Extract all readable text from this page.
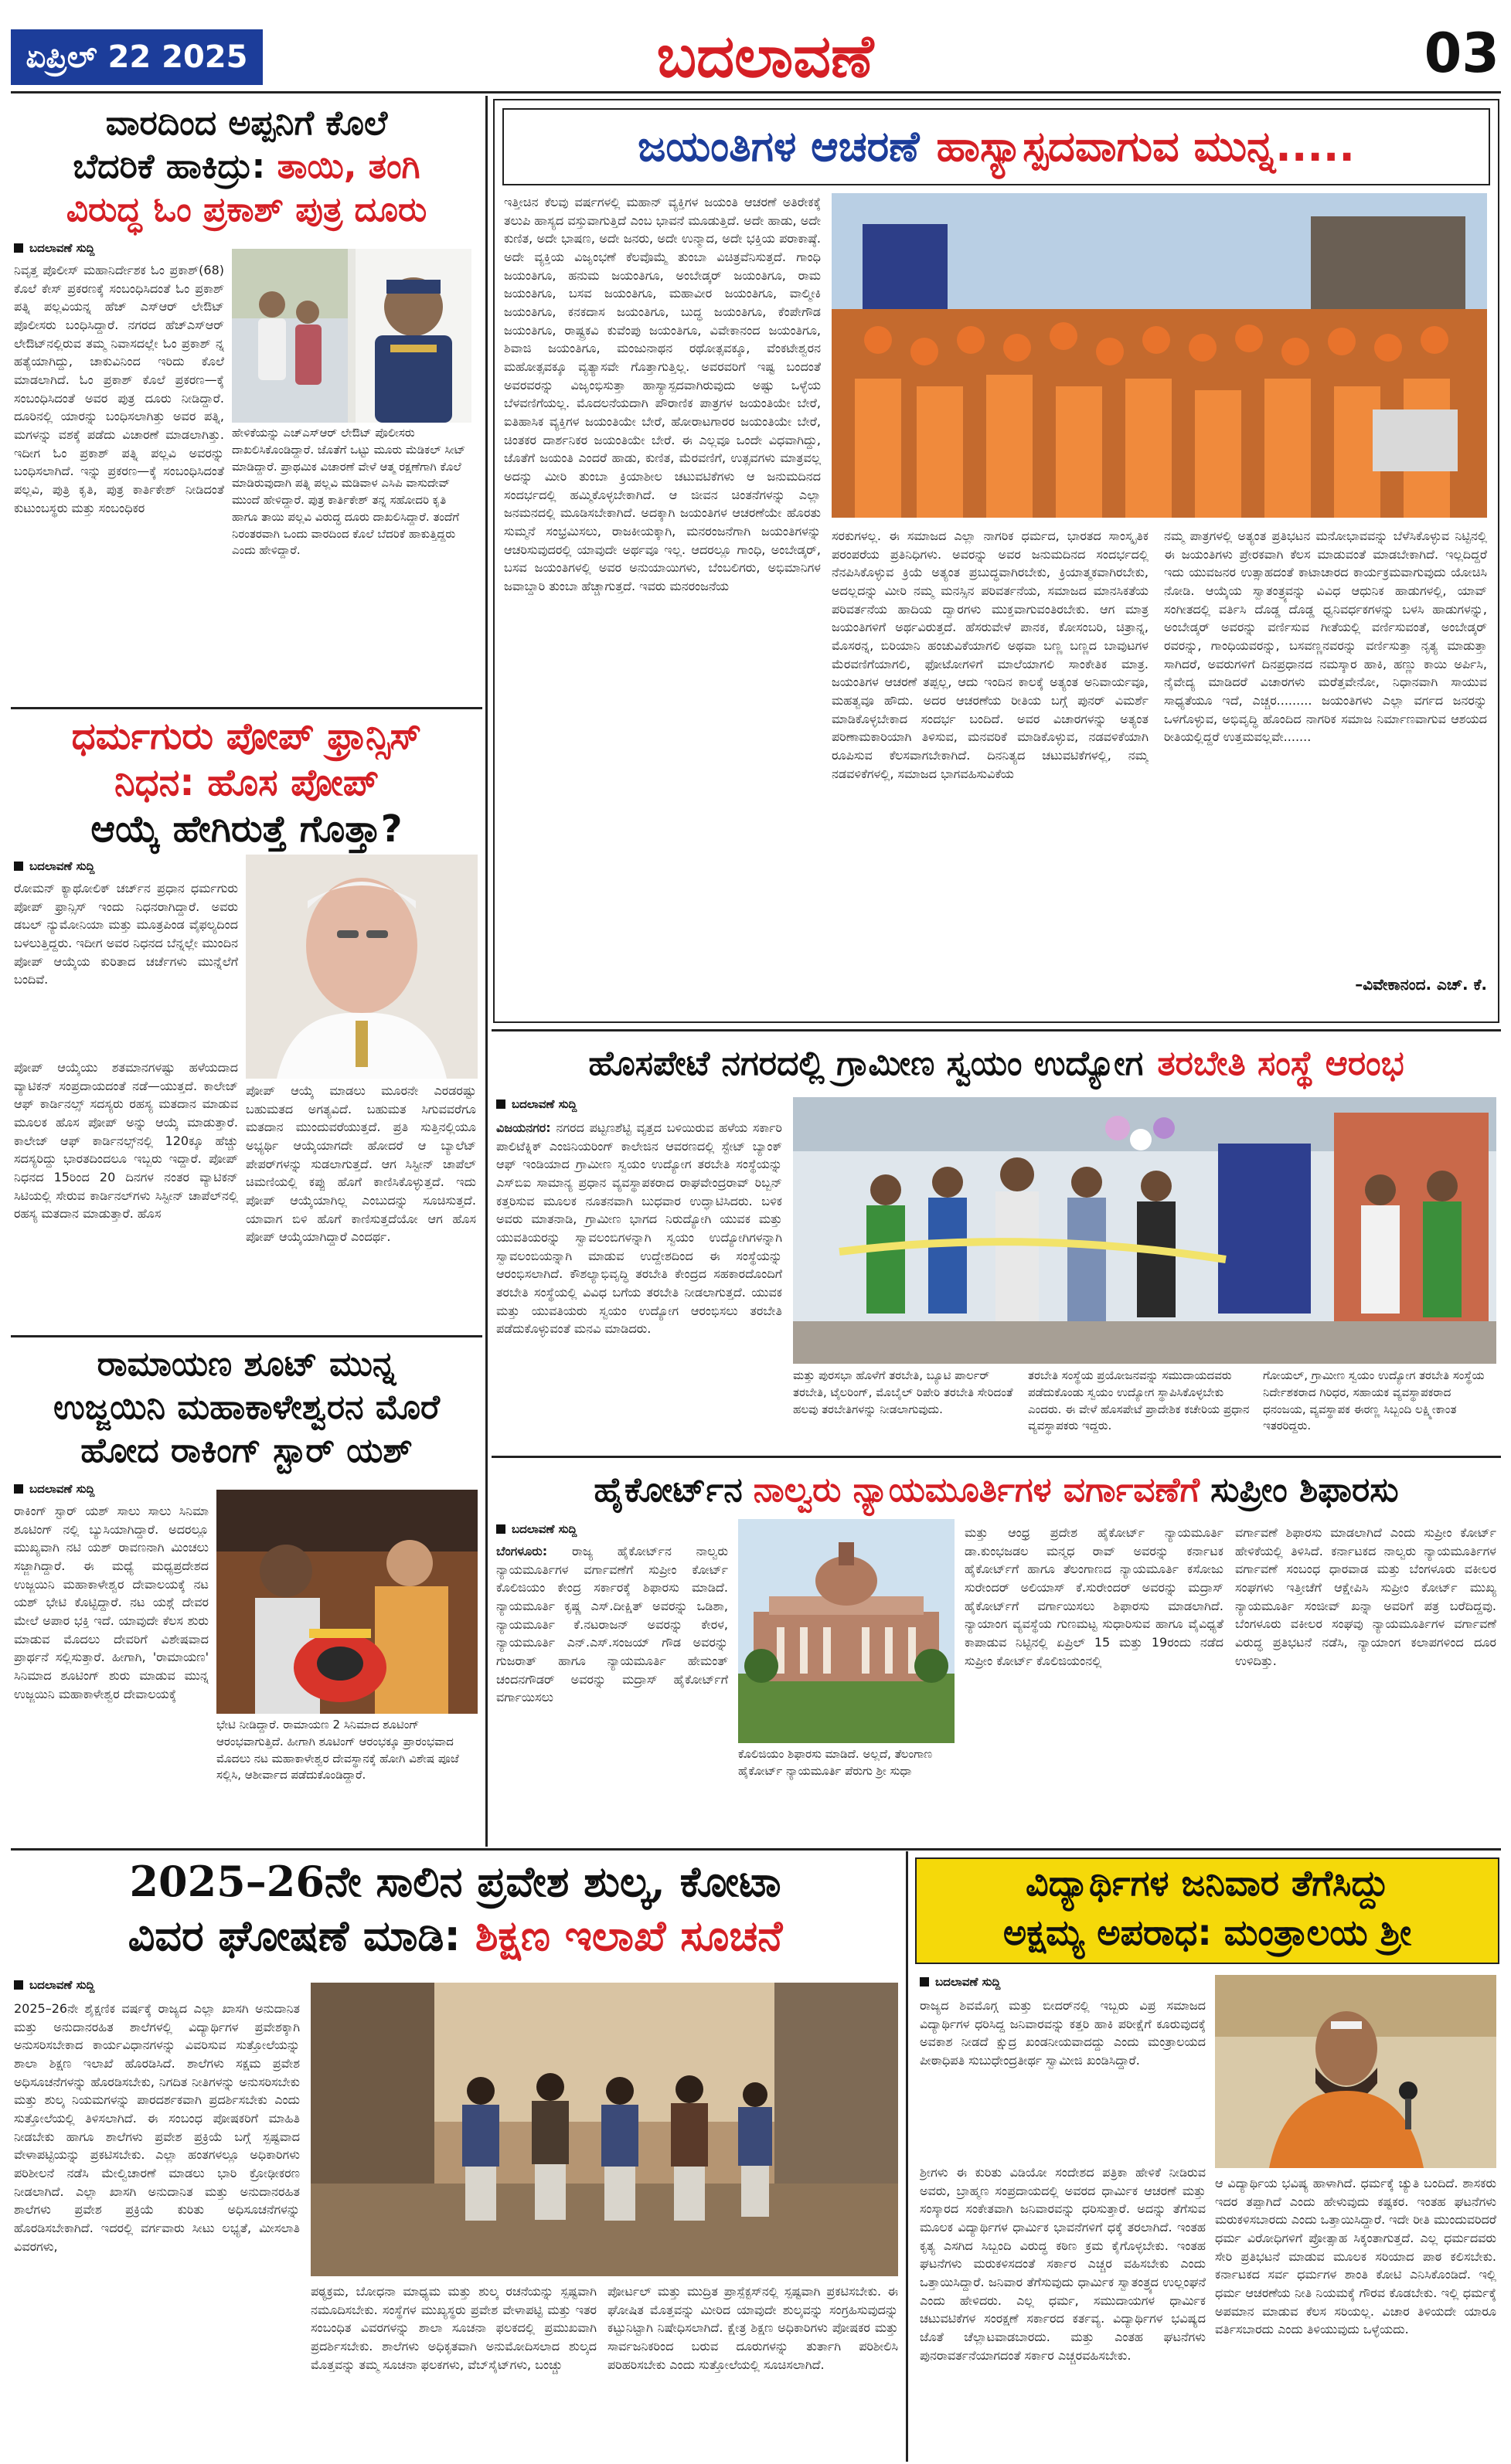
ಏಪ್ರಿಲ್ 22 2025	ಬದಲಾವಣೆ	03
ವಾರದಿಂದ ಅಪ್ಪನಿಗೆ ಕೊಲೆ
ಬೆದರಿಕೆ ಹಾಕಿದ್ರು: ತಾಯಿ, ತಂಗಿ
ವಿರುದ್ಧ ಓಂ ಪ್ರಕಾಶ್ ಪುತ್ರ ದೂರು
ಬದಲಾವಣೆ ಸುದ್ದಿ
ನಿವೃತ್ತ ಪೊಲೀಸ್ ಮಹಾನಿರ್ದೇಶಕ ಓಂ ಪ್ರಕಾಶ್(68) ಕೊಲೆ ಕೇಸ್ ಪ್ರಕರಣಕ್ಕೆ ಸಂಬಂಧಿಸಿದಂತೆ ಓಂ ಪ್ರಕಾಶ್ ಪತ್ನಿ ಪಲ್ಲವಿಯನ್ನ ಹೆಚ್ ಎಸ್ಆರ್ ಲೇಔಟ್ ಪೊಲೀಸರು ಬಂಧಿಸಿದ್ದಾರೆ. ನಗರದ ಹೆಚ್ಎಸ್ಆರ್ ಲೇಔಟ್‌ನಲ್ಲಿರುವ ತಮ್ಮ ನಿವಾಸದಲ್ಲೇ ಓಂ ಪ್ರಕಾಶ್ ನ್ನ ಹತ್ಯೆಯಾಗಿದ್ದು, ಚಾಕುವಿನಿಂದ ಇರಿದು ಕೊಲೆ ಮಾಡಲಾಗಿದೆ. ಓಂ ಪ್ರಕಾಶ್ ಕೊಲೆ ಪ್ರಕರಣ—ಕ್ಕೆ ಸಂಬಂಧಿಸಿದಂತೆ ಅವರ ಪುತ್ರ ದೂರು ನೀಡಿದ್ದಾರೆ. ದೂರಿನಲ್ಲಿ ಯಾರನ್ನು ಬಂಧಿಸಲಾಗಿತ್ತು ಅವರ ಪತ್ನಿ, ಮಗಳನ್ನು ವಶಕ್ಕೆ ಪಡೆದು ವಿಚಾರಣೆ ಮಾಡಲಾಗಿತ್ತು. ಇದೀಗ ಓಂ ಪ್ರಕಾಶ್ ಪತ್ನಿ ಪಲ್ಲವಿ ಅವರನ್ನು ಬಂಧಿಸಲಾಗಿದೆ. ಇನ್ನು ಪ್ರಕರಣ—ಕ್ಕೆ ಸಂಬಂಧಿಸಿದಂತೆ ಪಲ್ಲವಿ, ಪುತ್ರಿ ಕೃತಿ, ಪುತ್ರ ಕಾರ್ತಿಕೇಶ್ ನೀಡಿದಂತೆ ಕುಟುಂಬಸ್ಥರು ಮತ್ತು ಸಂಬಂಧಿಕರ
ಹೇಳಿಕೆಯನ್ನು ಎಚ್‌ಎಸ್ಆರ್ ಲೇಔಟ್ ಪೊಲೀಸರು ದಾಖಲಿಸಿಕೊಂಡಿದ್ದಾರೆ. ಜೊತೆಗೆ ಒಟ್ಟು ಮೂರು ಮೆಡಿಕಲ್ ಸೀಟ್ ಮಾಡಿದ್ದಾರೆ. ಪ್ರಾಥಮಿಕ ವಿಚಾರಣೆ ವೇಳೆ ಆತ್ಮ ರಕ್ಷಣೆಗಾಗಿ ಕೊಲೆ ಮಾಡಿರುವುದಾಗಿ ಪತ್ನಿ ಪಲ್ಲವಿ ಮಡಿವಾಳ ಎಸಿಪಿ ವಾಸುದೇವ್ ಮುಂದೆ ಹೇಳಿದ್ದಾರೆ. ಪುತ್ರ ಕಾರ್ತಿಕೇಶ್ ತನ್ನ ಸಹೋದರಿ ಕೃತಿ ಹಾಗೂ ತಾಯಿ ಪಲ್ಲವಿ ವಿರುದ್ಧ ದೂರು ದಾಖಲಿಸಿದ್ದಾರೆ. ತಂದೆಗೆ ನಿರಂತರವಾಗಿ ಒಂದು ವಾರದಿಂದ ಕೊಲೆ ಬೆದರಿಕೆ ಹಾಕುತ್ತಿದ್ದರು ಎಂದು ಹೇಳಿದ್ದಾರೆ.
ಧರ್ಮಗುರು ಪೋಪ್ ಫ್ರಾನ್ಸಿಸ್
ನಿಧನ: ಹೊಸ ಪೋಪ್
ಆಯ್ಕೆ ಹೇಗಿರುತ್ತೆ ಗೊತ್ತಾ?
ಬದಲಾವಣೆ ಸುದ್ದಿ
ರೋಮನ್ ಕ್ಯಾಥೋಲಿಕ್ ಚರ್ಚ್‌ನ ಪ್ರಧಾನ ಧರ್ಮಗುರು ಪೋಪ್ ಫ್ರಾನ್ಸಿಸ್ ಇಂದು ನಿಧನರಾಗಿದ್ದಾರೆ. ಅವರು ಡಬಲ್ ನ್ಯುಮೋನಿಯಾ ಮತ್ತು ಮೂತ್ರಪಿಂಡ ವೈಫಲ್ಯದಿಂದ ಬಳಲುತ್ತಿದ್ದರು. ಇದೀಗ ಅವರ ನಿಧನದ ಬೆನ್ನಲ್ಲೇ ಮುಂದಿನ ಪೋಪ್ ಆಯ್ಕೆಯ ಕುರಿತಾದ ಚರ್ಚೆಗಳು ಮುನ್ನೆಲೆಗೆ ಬಂದಿವೆ.
ಪೋಪ್ ಆಯ್ಕೆಯು ಶತಮಾನಗಳಷ್ಟು ಹಳೆಯದಾದ ವ್ಯಾಟಿಕನ್ ಸಂಪ್ರದಾಯದಂತೆ ನಡೆ—ಯುತ್ತದೆ. ಕಾಲೇಜ್ ಆಫ್ ಕಾರ್ಡಿನಲ್ಸ್ ಸದಸ್ಯರು ರಹಸ್ಯ ಮತದಾನ ಮಾಡುವ ಮೂಲಕ ಹೊಸ ಪೋಪ್ ಅನ್ನು ಆಯ್ಕೆ ಮಾಡುತ್ತಾರೆ. ಕಾಲೇಜ್ ಆಫ್ ಕಾರ್ಡಿನಲ್ಸ್‌ನಲ್ಲಿ 120ಕ್ಕೂ ಹೆಚ್ಚು ಸದಸ್ಯರಿದ್ದು ಭಾರತದಿಂದಲೂ ಇಬ್ಬರು ಇದ್ದಾರೆ. ಪೋಪ್ ನಿಧನದ 15ರಿಂದ 20 ದಿನಗಳ ನಂತರ ವ್ಯಾಟಿಕನ್ ಸಿಟಿಯಲ್ಲಿ ಸೇರುವ ಕಾರ್ಡಿನಲ್‌ಗಳು ಸಿಸ್ಟೀನ್ ಚಾಪೆಲ್‌ನಲ್ಲಿ ರಹಸ್ಯ ಮತದಾನ ಮಾಡುತ್ತಾರೆ. ಹೊಸ
ಪೋಪ್ ಆಯ್ಕೆ ಮಾಡಲು ಮೂರನೇ ಎರಡರಷ್ಟು ಬಹುಮತದ ಅಗತ್ಯವಿದೆ. ಬಹುಮತ ಸಿಗುವವರೆಗೂ ಮತದಾನ ಮುಂದುವರೆಯುತ್ತದೆ. ಪ್ರತಿ ಸುತ್ತಿನಲ್ಲಿಯೂ ಅಭ್ಯರ್ಥಿ ಆಯ್ಕೆಯಾಗದೇ ಹೋದರೆ ಆ ಬ್ಯಾಲೆಟ್ ಪೇಪರ್‌ಗಳನ್ನು ಸುಡಲಾಗುತ್ತದೆ. ಆಗ ಸಿಸ್ಟೀನ್ ಚಾಪೆಲ್ ಚಿಮಣಿಯಲ್ಲಿ ಕಪ್ಪು ಹೊಗೆ ಕಾಣಿಸಿಕೊಳ್ಳುತ್ತದೆ. ಇದು ಪೋಪ್ ಆಯ್ಕೆಯಾಗಿಲ್ಲ ಎಂಬುದನ್ನು ಸೂಚಿಸುತ್ತದೆ. ಯಾವಾಗ ಬಿಳಿ ಹೊಗೆ ಕಾಣಿಸುತ್ತದೆಯೋ ಆಗ ಹೊಸ ಪೋಪ್ ಆಯ್ಕೆಯಾಗಿದ್ದಾರೆ ಎಂದರ್ಥ.
ರಾಮಾಯಣ ಶೂಟ್ ಮುನ್ನ
ಉಜ್ಜಯಿನಿ ಮಹಾಕಾಳೇಶ್ವರನ ಮೊರೆ
ಹೋದ ರಾಕಿಂಗ್ ಸ್ಟಾರ್ ಯಶ್
ಬದಲಾವಣೆ ಸುದ್ದಿ
ರಾಕಿಂಗ್ ಸ್ಟಾರ್ ಯಶ್ ಸಾಲು ಸಾಲು ಸಿನಿಮಾ ಶೂಟಿಂಗ್ ನಲ್ಲಿ ಬ್ಯುಸಿಯಾಗಿದ್ದಾರೆ. ಅದರಲ್ಲೂ ಮುಖ್ಯವಾಗಿ ನಟಿ ಯಶ್ ರಾವಣನಾಗಿ ಮಿಂಚಲು ಸಜ್ಜಾಗಿದ್ದಾರೆ. ಈ ಮಧ್ಯೆ ಮಧ್ಯಪ್ರದೇಶದ ಉಜ್ಜಯಿನಿ ಮಹಾಕಾಳೇಶ್ವರ ದೇವಾಲಯಕ್ಕೆ ನಟ ಯಶ್ ಭೇಟಿ ಕೊಟ್ಟಿದ್ದಾರೆ. ನಟ ಯಶ್ಗೆ ದೇವರ ಮೇಲೆ ಅಪಾರ ಭಕ್ತಿ ಇದೆ. ಯಾವುದೇ ಕೆಲಸ ಶುರು ಮಾಡುವ ಮೊದಲು ದೇವರಿಗೆ ವಿಶೇಷವಾದ ಪ್ರಾರ್ಥನೆ ಸಲ್ಲಿಸುತ್ತಾರೆ. ಹೀಗಾಗಿ, 'ರಾಮಾಯಣ' ಸಿನಿಮಾದ ಶೂಟಿಂಗ್ ಶುರು ಮಾಡುವ ಮುನ್ನ ಉಜ್ಜಯಿನಿ ಮಹಾಕಾಳೇಶ್ವರ ದೇವಾಲಯಕ್ಕೆ
ಭೇಟಿ ನೀಡಿದ್ದಾರೆ. ರಾಮಾಯಣ 2 ಸಿನಿಮಾದ ಶೂಟಿಂಗ್ ಆರಂಭವಾಗುತ್ತಿದೆ. ಹೀಗಾಗಿ ಶೂಟಿಂಗ್ ಆರಂಭಕ್ಕೂ ಪ್ರಾರಂಭವಾದ ಮೊದಲು ನಟ ಮಹಾಕಾಳೇಶ್ವರ ದೇವಸ್ಥಾನಕ್ಕೆ ಹೋಗಿ ವಿಶೇಷ ಪೂಜೆ ಸಲ್ಲಿಸಿ, ಆಶೀರ್ವಾದ ಪಡೆದುಕೊಂಡಿದ್ದಾರೆ.
ಜಯಂತಿಗಳ ಆಚರಣೆ ಹಾಸ್ಯಾಸ್ಪದವಾಗುವ ಮುನ್ನ.....
ಇತ್ತೀಚಿನ ಕೆಲವು ವರ್ಷಗಳಲ್ಲಿ ಮಹಾನ್ ವ್ಯಕ್ತಿಗಳ ಜಯಂತಿ ಆಚರಣೆ ಅತಿರೇಕಕ್ಕೆ ತಲುಪಿ ಹಾಸ್ಯದ ವಸ್ತುವಾಗುತ್ತಿದೆ ಎಂಬ ಭಾವನೆ ಮೂಡುತ್ತಿದೆ. ಅದೇ ಹಾಡು, ಅದೇ ಕುಣಿತ, ಅದೇ ಭಾಷಣ, ಅದೇ ಜನರು, ಅದೇ ಉನ್ಮಾದ, ಅದೇ ಭಕ್ತಿಯ ಪರಾಕಾಷ್ಠೆ. ಅದೇ ವ್ಯಕ್ತಿಯ ವಿಜೃಂಭಣೆ ಕೆಲವೊಮ್ಮೆ ತುಂಬಾ ವಿಚಿತ್ರವೆನಿಸುತ್ತದೆ. ಗಾಂಧಿ ಜಯಂತಿಗೂ, ಹನುಮ ಜಯಂತಿಗೂ, ಅಂಬೇಡ್ಕರ್ ಜಯಂತಿಗೂ, ರಾಮ ಜಯಂತಿಗೂ, ಬಸವ ಜಯಂತಿಗೂ, ಮಹಾವೀರ ಜಯಂತಿಗೂ, ವಾಲ್ಮೀಕಿ ಜಯಂತಿಗೂ, ಕನಕದಾಸ ಜಯಂತಿಗೂ, ಬುದ್ಧ ಜಯಂತಿಗೂ, ಕೆಂಪೇಗೌಡ ಜಯಂತಿಗೂ, ರಾಷ್ಟ್ರಕವಿ ಕುವೆಂಪು ಜಯಂತಿಗೂ, ವಿವೇಕಾನಂದ ಜಯಂತಿಗೂ, ಶಿವಾಜಿ ಜಯಂತಿಗೂ, ಮಂಜುನಾಥನ ರಥೋತ್ಸವಕ್ಕೂ, ವೆಂಕಟೇಶ್ವರನ ಮಹೋತ್ಸವಕ್ಕೂ ವ್ಯತ್ಯಾಸವೇ ಗೊತ್ತಾಗುತ್ತಿಲ್ಲ. ಅವರವರಿಗೆ ಇಷ್ಟ ಬಂದಂತೆ ಅವರವರನ್ನು ವಿಜೃಂಭಿಸುತ್ತಾ ಹಾಸ್ಯಾಸ್ಪದವಾಗಿರುವುದು ಅಷ್ಟು ಒಳ್ಳೆಯ ಬೆಳವಣಿಗೆಯಲ್ಲ. ಮೊದಲನೆಯದಾಗಿ ಪೌರಾಣಿಕ ಪಾತ್ರಗಳ ಜಯಂತಿಯೇ ಬೇರೆ, ಐತಿಹಾಸಿಕ ವ್ಯಕ್ತಿಗಳ ಜಯಂತಿಯೇ ಬೇರೆ, ಹೋರಾಟಗಾರರ ಜಯಂತಿಯೇ ಬೇರೆ, ಚಿಂತಕರ ದಾರ್ಶನಿಕರ ಜಯಂತಿಯೇ ಬೇರೆ. ಈ ಎಲ್ಲವೂ ಒಂದೇ ವಿಧವಾಗಿದ್ದು, ಜೊತೆಗೆ ಜಯಂತಿ ಎಂದರೆ ಹಾಡು, ಕುಣಿತ, ಮೆರವಣಿಗೆ, ಉತ್ಸವಗಳು ಮಾತ್ರವಲ್ಲ ಅದನ್ನು ಮೀರಿ ತುಂಬಾ ಕ್ರಿಯಾಶೀಲ ಚಟುವಟಿಕೆಗಳು ಆ ಜನುಮದಿನದ ಸಂದರ್ಭದಲ್ಲಿ ಹಮ್ಮಿಕೊಳ್ಳಬೇಕಾಗಿದೆ. ಆ ಜೀವನ ಚಿಂತನೆಗಳನ್ನು ಎಲ್ಲಾ ಜನಮನದಲ್ಲಿ ಮೂಡಿಸಬೇಕಾಗಿದೆ. ಅದಕ್ಕಾಗಿ ಜಯಂತಿಗಳ ಆಚರಣೆಯೇ ಹೊರತು ಸುಮ್ಮನೆ ಸಂಭ್ರಮಿಸಲು, ರಾಜಕೀಯಕ್ಕಾಗಿ, ಮನರಂಜನೆಗಾಗಿ ಜಯಂತಿಗಳನ್ನು ಆಚರಿಸುವುದರಲ್ಲಿ ಯಾವುದೇ ಅರ್ಥವೂ ಇಲ್ಲ. ಆದರಲ್ಲೂ ಗಾಂಧಿ, ಅಂಬೇಡ್ಕರ್, ಬಸವ ಜಯಂತಿಗಳಲ್ಲಿ ಅವರ ಅನುಯಾಯಿಗಳು, ಬೆಂಬಲಿಗರು, ಅಭಿಮಾನಿಗಳ ಜವಾಬ್ದಾರಿ ತುಂಬಾ ಹೆಚ್ಚಾಗುತ್ತದೆ. ಇವರು ಮನರಂಜನೆಯ
ಸರಕುಗಳಲ್ಲ. ಈ ಸಮಾಜದ ಎಲ್ಲಾ ನಾಗರಿಕ ಧರ್ಮದ, ಭಾರತದ ಸಾಂಸ್ಕೃತಿಕ ಪರಂಪರೆಯ ಪ್ರತಿನಿಧಿಗಳು. ಅವರನ್ನು ಅವರ ಜನುಮದಿನದ ಸಂದರ್ಭದಲ್ಲಿ ನೆನಪಿಸಿಕೊಳ್ಳುವ ಕ್ರಿಯೆ ಅತ್ಯಂತ ಪ್ರಬುದ್ಧವಾಗಿರಬೇಕು, ಕ್ರಿಯಾತ್ಮಕವಾಗಿರಬೇಕು, ಅದಲ್ಲದನ್ನು ಮೀರಿ ನಮ್ಮ ಮನಸ್ಸಿನ ಪರಿವರ್ತನೆಯ, ಸಮಾಜದ ಮಾನಸಿಕತೆಯ ಪರಿವರ್ತನೆಯ ಹಾದಿಯ ದ್ವಾರಗಳು ಮುಕ್ತವಾಗುವಂತಿರಬೇಕು. ಆಗ ಮಾತ್ರ ಜಯಂತಿಗಳಿಗೆ ಅರ್ಥವಿರುತ್ತದೆ. ಹೆಸರುವೇಳೆ ಪಾನಕ, ಕೋಸಂಬರಿ, ಚಿತ್ರಾನ್ನ, ಮೊಸರನ್ನ, ಬಿರಿಯಾನಿ ಹಂಚುವಿಕೆಯಾಗಲಿ ಅಥವಾ ಬಣ್ಣ ಬಣ್ಣದ ಬಾವುಟಗಳ ಮೆರವಣಿಗೆಯಾಗಲಿ, ಫೋಟೋಗಳಿಗೆ ಮಾಲೆಯಾಗಲಿ ಸಾಂಕೇತಿಕ ಮಾತ್ರ. ಜಯಂತಿಗಳ ಆಚರಣೆ ತಪ್ಪಲ್ಲ, ಆದು ಇಂದಿನ ಕಾಲಕ್ಕೆ ಅತ್ಯಂತ ಅನಿವಾರ್ಯವೂ, ಮಹತ್ವವೂ ಹೌದು. ಅದರ ಆಚರಣೆಯ ರೀತಿಯ ಬಗ್ಗೆ ಪುನರ್ ವಿಮರ್ಶೆ ಮಾಡಿಕೊಳ್ಳಬೇಕಾದ ಸಂದರ್ಭ ಬಂದಿದೆ. ಅವರ ವಿಚಾರಗಳನ್ನು ಅತ್ಯಂತ ಪರಿಣಾಮಕಾರಿಯಾಗಿ ತಿಳಿಸುವ, ಮನವರಿಕೆ ಮಾಡಿಕೊಳ್ಳುವ, ನಡವಳಿಕೆಯಾಗಿ ರೂಪಿಸುವ ಕೆಲಸವಾಗಬೇಕಾಗಿದೆ. ದಿನನಿತ್ಯದ ಚಟುವಟಿಕೆಗಳಲ್ಲಿ, ನಮ್ಮ ನಡವಳಿಕೆಗಳಲ್ಲಿ, ಸಮಾಜದ ಭಾಗವಹಿಸುವಿಕೆಯ
ನಮ್ಮ ಪಾತ್ರಗಳಲ್ಲಿ ಅತ್ಯಂತ ಪ್ರತಿಭಟನ ಮನೋಭಾವವನ್ನು ಬೆಳೆಸಿಕೊಳ್ಳುವ ನಿಟ್ಟಿನಲ್ಲಿ ಈ ಜಯಂತಿಗಳು ಪ್ರೇರಕವಾಗಿ ಕೆಲಸ ಮಾಡುವಂತೆ ಮಾಡಬೇಕಾಗಿದೆ. ಇಲ್ಲದಿದ್ದರೆ ಇದು ಯುವಜನರ ಉತ್ಸಾಹದಂತೆ ಕಾಟಾಚಾರದ ಕಾರ್ಯಕ್ರಮವಾಗುವುದು ಯೋಚಿಸಿ ನೋಡಿ. ಆಯ್ಕೆಯ ಸ್ವಾತಂತ್ರ್ಯವನ್ನು ವಿವಿಧ ಆಧುನಿಕ ಹಾಡುಗಳಲ್ಲಿ, ಯಾವ್ ಸಂಗೀತದಲ್ಲಿ ವರ್ತಿಸಿ ದೊಡ್ಡ ದೊಡ್ಡ ಧ್ವನಿವರ್ಧಕಗಳನ್ನು ಬಳಸಿ ಹಾಡುಗಳನ್ನು, ಅಂಬೇಡ್ಕರ್ ಅವರನ್ನು ವರ್ಣಿಸುವ ಗೀತೆಯಲ್ಲಿ ವರ್ಣಿಸುವಂತೆ, ಅಂಬೇಡ್ಕರ್ ರವರನ್ನು, ಗಾಂಧಿಯವರನ್ನು, ಬಸವಣ್ಣನವರನ್ನು ವರ್ಣಿಸುತ್ತಾ ನೃತ್ಯ ಮಾಡುತ್ತಾ ಸಾಗಿದರೆ, ಅವರುಗಳಿಗೆ ದಿನಪ್ರಧಾನದ ನಮಸ್ಕಾರ ಹಾಕಿ, ಹಣ್ಣು ಕಾಯಿ ಅರ್ಪಿಸಿ, ನೈವೇದ್ಯ ಮಾಡಿದರೆ ವಿಚಾರಗಳು ಮರೆತ್ತವೇನೋ, ನಿಧಾನವಾಗಿ ಸಾಯುವ ಸಾಧ್ಯತೆಯೂ ಇದೆ, ಎಚ್ಚರ......... ಜಯಂತಿಗಳು ಎಲ್ಲಾ ವರ್ಗದ ಜನರನ್ನು ಒಳಗೊಳ್ಳುವ, ಅಭಿವೃದ್ಧಿ ಹೊಂದಿದ ನಾಗರಿಕ ಸಮಾಜ ನಿರ್ಮಾಣವಾಗುವ ಆಶಯದ ರೀತಿಯಲ್ಲಿದ್ದರೆ ಉತ್ತಮವಲ್ಲವೇ.......
–ವಿವೇಕಾನಂದ. ಎಚ್. ಕೆ.
ಹೊಸಪೇಟೆ ನಗರದಲ್ಲಿ ಗ್ರಾಮೀಣ ಸ್ವಯಂ ಉದ್ಯೋಗ ತರಬೇತಿ ಸಂಸ್ಥೆ ಆರಂಭ
ಬದಲಾವಣೆ ಸುದ್ದಿ
ವಿಜಯನಗರ: ನಗರದ ಪಟ್ಟಣಶೆಟ್ಟಿ ವೃತ್ತದ ಬಳಿಯಿರುವ ಹಳೆಯ ಸರ್ಕಾರಿ ಪಾಲಿಟೆಕ್ನಿಕ್ ಎಂಜಿನಿಯರಿಂಗ್ ಕಾಲೇಜಿನ ಆವರಣದಲ್ಲಿ ಸ್ಟೇಟ್ ಬ್ಯಾಂಕ್ ಆಫ್ ಇಂಡಿಯಾದ ಗ್ರಾಮೀಣ ಸ್ವಯಂ ಉದ್ಯೋಗ ತರಬೇತಿ ಸಂಸ್ಥೆಯನ್ನು ಎಸ್‌ಬಿಐ ಸಾಮಾನ್ಯ ಪ್ರಧಾನ ವ್ಯವಸ್ಥಾಪಕರಾದ ರಾಘವೇಂದ್ರರಾವ್ ರಿಬ್ಬನ್ ಕತ್ತರಿಸುವ ಮೂಲಕ ನೂತನವಾಗಿ ಬುಧವಾರ ಉದ್ಘಾಟಿಸಿದರು. ಬಳಿಕ ಅವರು ಮಾತನಾಡಿ, ಗ್ರಾಮೀಣ ಭಾಗದ ನಿರುದ್ಯೋಗಿ ಯುವಕ ಮತ್ತು ಯುವತಿಯರನ್ನು ಸ್ವಾವಲಂಬಿಗಳನ್ನಾಗಿ ಸ್ವಯಂ ಉದ್ಯೋಗಿಗಳನ್ನಾಗಿ ಸ್ವಾವಲಂಬಿಯನ್ನಾಗಿ ಮಾಡುವ ಉದ್ದೇಶದಿಂದ ಈ ಸಂಸ್ಥೆಯನ್ನು ಆರಂಭಿಸಲಾಗಿದೆ. ಕೌಶಲ್ಯಾಭಿವೃದ್ಧಿ ತರಬೇತಿ ಕೇಂದ್ರದ ಸಹಕಾರದೊಂದಿಗೆ ತರಬೇತಿ ಸಂಸ್ಥೆಯಲ್ಲಿ ವಿವಿಧ ಬಗೆಯ ತರಬೇತಿ ನೀಡಲಾಗುತ್ತದೆ. ಯುವಕ ಮತ್ತು ಯುವತಿಯರು ಸ್ವಯಂ ಉದ್ಯೋಗ ಆರಂಭಿಸಲು ತರಬೇತಿ ಪಡೆದುಕೊಳ್ಳುವಂತೆ ಮನವಿ ಮಾಡಿದರು.
ಮತ್ತು ಪುರಸಭಾ ಹೊಳೆಗೆ ತರಬೇತಿ, ಬ್ಯೂಟಿ ಪಾರ್ಲರ್ ತರಬೇತಿ, ಟೈಲರಿಂಗ್, ಮೊಬೈಲ್ ರಿಪೇರಿ ತರಬೇತಿ ಸೇರಿದಂತೆ ಹಲವು ತರಬೇತಿಗಳನ್ನು ನೀಡಲಾಗುವುದು.
ತರಬೇತಿ ಸಂಸ್ಥೆಯ ಪ್ರಯೋಜನವನ್ನು ಸಮುದಾಯದವರು ಪಡೆದುಕೊಂಡು ಸ್ವಯಂ ಉದ್ಯೋಗ ಸ್ಥಾಪಿಸಿಕೊಳ್ಳಬೇಕು ಎಂದರು. ಈ ವೇಳೆ ಹೊಸಪೇಟೆ ಪ್ರಾದೇಶಿಕ ಕಚೇರಿಯ ಪ್ರಧಾನ ವ್ಯವಸ್ಥಾಪಕರು ಇದ್ದರು.
ಗೋಯಲ್, ಗ್ರಾಮೀಣ ಸ್ವಯಂ ಉದ್ಯೋಗ ತರಬೇತಿ ಸಂಸ್ಥೆಯ ನಿರ್ದೇಶಕರಾದ ಗಿರಿಧರ, ಸಹಾಯಕ ವ್ಯವಸ್ಥಾಪಕರಾದ ಧನಂಜಯ, ವ್ಯವಸ್ಥಾಪಕ ಈರಣ್ಣ ಸಿಬ್ಬಂದಿ ಲಕ್ಷ್ಮೀಕಾಂತ ಇತರರಿದ್ದರು.
ಹೈಕೋರ್ಟ್‌ನ ನಾಲ್ವರು ನ್ಯಾಯಮೂರ್ತಿಗಳ ವರ್ಗಾವಣೆಗೆ ಸುಪ್ರೀಂ ಶಿಫಾರಸು
ಬದಲಾವಣೆ ಸುದ್ದಿ
ಬೆಂಗಳೂರು: ರಾಜ್ಯ ಹೈಕೋರ್ಟ್‌ನ ನಾಲ್ವರು ನ್ಯಾಯಮೂರ್ತಿಗಳ ವರ್ಗಾವಣೆಗೆ ಸುಪ್ರೀಂ ಕೋರ್ಟ್ ಕೊಲಿಜಿಯಂ ಕೇಂದ್ರ ಸರ್ಕಾರಕ್ಕೆ ಶಿಫಾರಸು ಮಾಡಿದೆ. ನ್ಯಾಯಮೂರ್ತಿ ಕೃಷ್ಣ ಎಸ್.ದೀಕ್ಷಿತ್ ಅವರನ್ನು ಒಡಿಶಾ, ನ್ಯಾಯಮೂರ್ತಿ ಕೆ.ನಟರಾಜನ್ ಅವರನ್ನು ಕೇರಳ, ನ್ಯಾಯಮೂರ್ತಿ ಎನ್.ಎಸ್.ಸಂಜಯ್ ಗೌಡ ಅವರನ್ನು ಗುಜರಾತ್ ಹಾಗೂ ನ್ಯಾಯಮೂರ್ತಿ ಹೇಮಂತ್ ಚಂದನಗೌಡರ್ ಅವರನ್ನು ಮದ್ರಾಸ್ ಹೈಕೋರ್ಟ್‌ಗೆ ವರ್ಗಾಯಿಸಲು
ಕೊಲಿಜಿಯಂ ಶಿಫಾರಸು ಮಾಡಿದೆ. ಅಲ್ಲದೆ, ತೆಲಂಗಾಣ ಹೈಕೋರ್ಟ್ ನ್ಯಾಯಮೂರ್ತಿ ಪೆರುಗು ಶ್ರೀ ಸುಧಾ
ಮತ್ತು ಆಂಧ್ರ ಪ್ರದೇಶ ಹೈಕೋರ್ಟ್ ನ್ಯಾಯಮೂರ್ತಿ ಡಾ.ಕುಂಭಜಡಲ ಮನ್ಮಧ ರಾವ್ ಅವರನ್ನು ಕರ್ನಾಟಕ ಹೈಕೋರ್ಟ್‌ಗೆ ಹಾಗೂ ತೆಲಂಗಾಣದ ನ್ಯಾಯಮೂರ್ತಿ ಕಸೋಜು ಸುರೇಂದರ್ ಅಲಿಯಾಸ್ ಕೆ.ಸುರೇಂದರ್ ಅವರನ್ನು ಮದ್ರಾಸ್ ಹೈಕೋರ್ಟ್‌ಗೆ ವರ್ಗಾಯಿಸಲು ಶಿಫಾರಸು ಮಾಡಲಾಗಿದೆ. ನ್ಯಾಯಾಂಗ ವ್ಯವಸ್ಥೆಯ ಗುಣಮಟ್ಟ ಸುಧಾರಿಸುವ ಹಾಗೂ ವೈವಿಧ್ಯತೆ ಕಾಪಾಡುವ ನಿಟ್ಟಿನಲ್ಲಿ ಏಪ್ರಿಲ್ 15 ಮತ್ತು 19ರಂದು ನಡೆದ ಸುಪ್ರೀಂ ಕೋರ್ಟ್ ಕೊಲಿಜಿಯಂನಲ್ಲಿ
ವರ್ಗಾವಣೆ ಶಿಫಾರಸು ಮಾಡಲಾಗಿದೆ ಎಂದು ಸುಪ್ರೀಂ ಕೋರ್ಟ್ ಹೇಳಿಕೆಯಲ್ಲಿ ತಿಳಿಸಿದೆ. ಕರ್ನಾಟಕದ ನಾಲ್ವರು ನ್ಯಾಯಮೂರ್ತಿಗಳ ವರ್ಗಾವಣೆ ಸಂಬಂಧ ಧಾರವಾಡ ಮತ್ತು ಬೆಂಗಳೂರು ವಕೀಲರ ಸಂಘಗಳು ಇತ್ತೀಚೆಗೆ ಆಕ್ಷೇಪಿಸಿ ಸುಪ್ರೀಂ ಕೋರ್ಟ್ ಮುಖ್ಯ ನ್ಯಾಯಮೂರ್ತಿ ಸಂಜೀವ್ ಖನ್ನಾ ಅವರಿಗೆ ಪತ್ರ ಬರೆದಿದ್ದವು. ಬೆಂಗಳೂರು ವಕೀಲರ ಸಂಘವು ನ್ಯಾಯಮೂರ್ತಿಗಳ ವರ್ಗಾವಣೆ ವಿರುದ್ಧ ಪ್ರತಿಭಟನೆ ನಡೆಸಿ, ನ್ಯಾಯಾಂಗ ಕಲಾಪಗಳಿಂದ ದೂರ ಉಳಿದಿತ್ತು.
2025–26ನೇ ಸಾಲಿನ ಪ್ರವೇಶ ಶುಲ್ಕ, ಕೋಟಾ
ವಿವರ ಘೋಷಣೆ ಮಾಡಿ: ಶಿಕ್ಷಣ ಇಲಾಖೆ ಸೂಚನೆ
ಬದಲಾವಣೆ ಸುದ್ದಿ
2025–26ನೇ ಶೈಕ್ಷಣಿಕ ವರ್ಷಕ್ಕೆ ರಾಜ್ಯದ ಎಲ್ಲಾ ಖಾಸಗಿ ಅನುದಾನಿತ ಮತ್ತು ಅನುದಾನರಹಿತ ಶಾಲೆಗಳಲ್ಲಿ ವಿದ್ಯಾರ್ಥಿಗಳ ಪ್ರವೇಶಕ್ಕಾಗಿ ಅನುಸರಿಸಬೇಕಾದ ಕಾರ್ಯವಿಧಾನಗಳನ್ನು ವಿವರಿಸುವ ಸುತ್ತೋಲೆಯನ್ನು ಶಾಲಾ ಶಿಕ್ಷಣ ಇಲಾಖೆ ಹೊರಡಿಸಿದೆ. ಶಾಲೆಗಳು ಸಕ್ಷಮ ಪ್ರವೇಶ ಅಧಿಸೂಚನೆಗಳನ್ನು ಹೊರಡಿಸಬೇಕು, ನಿಗದಿತ ನೀತಿಗಳನ್ನು ಅನುಸರಿಸಬೇಕು ಮತ್ತು ಶುಲ್ಕ ನಿಯಮಗಳನ್ನು ಪಾರದರ್ಶಕವಾಗಿ ಪ್ರದರ್ಶಿಸಬೇಕು ಎಂದು ಸುತ್ತೋಲೆಯಲ್ಲಿ ತಿಳಿಸಲಾಗಿದೆ. ಈ ಸಂಬಂಧ ಪೋಷಕರಿಗೆ ಮಾಹಿತಿ ನೀಡಬೇಕು ಹಾಗೂ ಶಾಲೆಗಳು ಪ್ರವೇಶ ಪ್ರಕ್ರಿಯೆ ಬಗ್ಗೆ ಸ್ಪಷ್ಟವಾದ ವೇಳಾಪಟ್ಟಿಯನ್ನು ಪ್ರಕಟಿಸಬೇಕು. ಎಲ್ಲಾ ಹಂತಗಳಲ್ಲೂ ಅಧಿಕಾರಿಗಳು ಪರಿಶೀಲನೆ ನಡೆಸಿ ಮೇಲ್ವಿಚಾರಣೆ ಮಾಡಲು ಭಾರಿ ಕ್ರೋಢೀಕರಣ ನೀಡಲಾಗಿದೆ. ಎಲ್ಲಾ ಖಾಸಗಿ ಅನುದಾನಿತ ಮತ್ತು ಅನುದಾನರಹಿತ ಶಾಲೆಗಳು ಪ್ರವೇಶ ಪ್ರಕ್ರಿಯೆ ಕುರಿತು ಅಧಿಸೂಚನೆಗಳನ್ನು ಹೊರಡಿಸಬೇಕಾಗಿದೆ. ಇದರಲ್ಲಿ ವರ್ಗವಾರು ಸೀಟು ಲಭ್ಯತೆ, ಮೀಸಲಾತಿ ವಿವರಗಳು,
ಪಠ್ಯಕ್ರಮ, ಬೋಧನಾ ಮಾಧ್ಯಮ ಮತ್ತು ಶುಲ್ಕ ರಚನೆಯನ್ನು ಸ್ಪಷ್ಟವಾಗಿ ನಮೂದಿಸಬೇಕು. ಸಂಸ್ಥೆಗಳ ಮುಖ್ಯಸ್ಥರು ಪ್ರವೇಶ ವೇಳಾಪಟ್ಟಿ ಮತ್ತು ಇತರ ಸಂಬಂಧಿತ ವಿವರಗಳನ್ನು ಶಾಲಾ ಸೂಚನಾ ಫಲಕದಲ್ಲಿ ಪ್ರಮುಖವಾಗಿ ಪ್ರದರ್ಶಿಸಬೇಕು. ಶಾಲೆಗಳು ಅಧಿಕೃತವಾಗಿ ಅನುಮೋದಿಸಲಾದ ಶುಲ್ಕದ ಮೊತ್ತವನ್ನು ತಮ್ಮ ಸೂಚನಾ ಫಲಕಗಳು, ವೆಬ್‌ಸೈಟ್‌ಗಳು, ಬಂಚ್ಚು
ಪೋರ್ಟಲ್ ಮತ್ತು ಮುದ್ರಿತ ಪ್ರಾಸ್ಪೆಕ್ಟಸ್‌ನಲ್ಲಿ ಸ್ಪಷ್ಟವಾಗಿ ಪ್ರಕಟಿಸಬೇಕು. ಈ ಘೋಷಿತ ಮೊತ್ತವನ್ನು ಮೀರಿದ ಯಾವುದೇ ಶುಲ್ಕವನ್ನು ಸಂಗ್ರಹಿಸುವುದನ್ನು ಕಟ್ಟುನಿಟ್ಟಾಗಿ ನಿಷೇಧಿಸಲಾಗಿದೆ. ಕ್ಷೇತ್ರ ಶಿಕ್ಷಣ ಅಧಿಕಾರಿಗಳು ಪೋಷಕರ ಮತ್ತು ಸಾರ್ವಜನಿಕರಿಂದ ಬರುವ ದೂರುಗಳನ್ನು ತುರ್ತಾಗಿ ಪರಿಶೀಲಿಸಿ ಪರಿಹರಿಸಬೇಕು ಎಂದು ಸುತ್ತೋಲೆಯಲ್ಲಿ ಸೂಚಿಸಲಾಗಿದೆ.
ವಿದ್ಯಾರ್ಥಿಗಳ ಜನಿವಾರ ತೆಗೆಸಿದ್ದು
ಅಕ್ಷಮ್ಯ ಅಪರಾಧ: ಮಂತ್ರಾಲಯ ಶ್ರೀ
ಬದಲಾವಣೆ ಸುದ್ದಿ
ರಾಜ್ಯದ ಶಿವಮೊಗ್ಗ ಮತ್ತು ಬೀದರ್‌ನಲ್ಲಿ ಇಬ್ಬರು ವಿಪ್ರ ಸಮಾಜದ ವಿದ್ಯಾರ್ಥಿಗಳ ಧರಿಸಿದ್ದ ಜನಿವಾರವನ್ನು ಕತ್ತರಿ ಹಾಕಿ ಪರೀಕ್ಷೆಗೆ ಕೂರುವುದಕ್ಕೆ ಅವಕಾಶ ನೀಡದೆ ಕ್ಷುದ್ರ ಖಂಡನೀಯವಾದದ್ದು ಎಂದು ಮಂತ್ರಾಲಯದ ಪೀಠಾಧಿಪತಿ ಸುಬುಧೇಂದ್ರತೀರ್ಥ ಸ್ವಾಮೀಜಿ ಖಂಡಿಸಿದ್ದಾರೆ.
ಶ್ರೀಗಳು ಈ ಕುರಿತು ವಿಡಿಯೋ ಸಂದೇಶದ ಪತ್ರಿಕಾ ಹೇಳಿಕೆ ನೀಡಿರುವ ಅವರು, ಬ್ರಾಹ್ಮಣ ಸಂಪ್ರದಾಯದಲ್ಲಿ ಅವರದ ಧಾರ್ಮಿಕ ಆಚರಣೆ ಮತ್ತು ಸಂಸ್ಕಾರದ ಸಂಕೇತವಾಗಿ ಜನಿವಾರವನ್ನು ಧರಿಸುತ್ತಾರೆ. ಅದನ್ನು ತೆಗೆಸುವ ಮೂಲಕ ವಿದ್ಯಾರ್ಥಿಗಳ ಧಾರ್ಮಿಕ ಭಾವನೆಗಳಿಗೆ ಧಕ್ಕೆ ತರಲಾಗಿದೆ. ಇಂತಹ ಕೃತ್ಯ ಎಸಗಿದ ಸಿಬ್ಬಂದಿ ವಿರುದ್ಧ ಕಠಿಣ ಕ್ರಮ ಕೈಗೊಳ್ಳಬೇಕು. ಇಂತಹ ಘಟನೆಗಳು ಮರುಕಳಿಸದಂತೆ ಸರ್ಕಾರ ಎಚ್ಚರ ವಹಿಸಬೇಕು ಎಂದು ಒತ್ತಾಯಿಸಿದ್ದಾರೆ. ಜನಿವಾರ ತೆಗೆಸುವುದು ಧಾರ್ಮಿಕ ಸ್ವಾತಂತ್ರ್ಯದ ಉಲ್ಲಂಘನೆ ಎಂದು ಹೇಳಿದರು. ಎಲ್ಲ ಧರ್ಮ, ಸಮುದಾಯಗಳ ಧಾರ್ಮಿಕ ಚಟುವಟಿಕೆಗಳ ಸಂರಕ್ಷಣೆ ಸರ್ಕಾರದ ಕರ್ತವ್ಯ. ವಿದ್ಯಾರ್ಥಿಗಳ ಭವಿಷ್ಯದ ಜೊತೆ ಚೆಲ್ಲಾಟವಾಡಬಾರದು. ಮತ್ತು ಎಂತಹ ಘಟನೆಗಳು ಪುನರಾವರ್ತನೆಯಾಗದಂತೆ ಸರ್ಕಾರ ಎಚ್ಚರವಹಿಸಬೇಕು.
ಆ ವಿದ್ಯಾರ್ಥಿಯ ಭವಿಷ್ಯ ಹಾಳಾಗಿದೆ. ಧರ್ಮಕ್ಕೆ ಚ್ಯುತಿ ಬಂದಿದೆ. ಶಾಸಕರು ಇದರ ತಪ್ಪಾಗಿದೆ ಎಂದು ಹೇಳುವುದು ಕಷ್ಟಕರ. ಇಂತಹ ಘಟನೆಗಳು ಮರುಕಳಿಸಬಾರದು ಎಂದು ಒತ್ತಾಯಿಸಿದ್ದಾರೆ. ಇದೇ ರೀತಿ ಮುಂದುವರಿದರೆ ಧರ್ಮ ವಿರೋಧಿಗಳಿಗೆ ಪ್ರೋತ್ಸಾಹ ಸಿಕ್ಕಂತಾಗುತ್ತದೆ. ಎಲ್ಲ ಧರ್ಮದವರು ಸೇರಿ ಪ್ರತಿಭಟನೆ ಮಾಡುವ ಮೂಲಕ ಸರಿಯಾದ ಪಾಠ ಕಲಿಸಬೇಕು. ಕರ್ನಾಟಕದ ಸರ್ವ ಧರ್ಮಗಳ ಶಾಂತಿ ಕೋಟಿ ಎನಿಸಿಕೊಂಡಿದೆ. ಇಲ್ಲಿ ಧರ್ಮ ಆಚರಣೆಯ ನೀತಿ ನಿಯಮಕ್ಕೆ ಗೌರವ ಕೊಡಬೇಕು. ಇಲ್ಲಿ ಧರ್ಮಕ್ಕೆ ಅಪಮಾನ ಮಾಡುವ ಕೆಲಸ ಸರಿಯಲ್ಲ. ವಿಚಾರ ತಿಳಿಯದೇ ಯಾರೂ ವರ್ತಿಸಬಾರದು ಎಂದು ತಿಳಿಯುವುದು ಒಳ್ಳೆಯದು.
